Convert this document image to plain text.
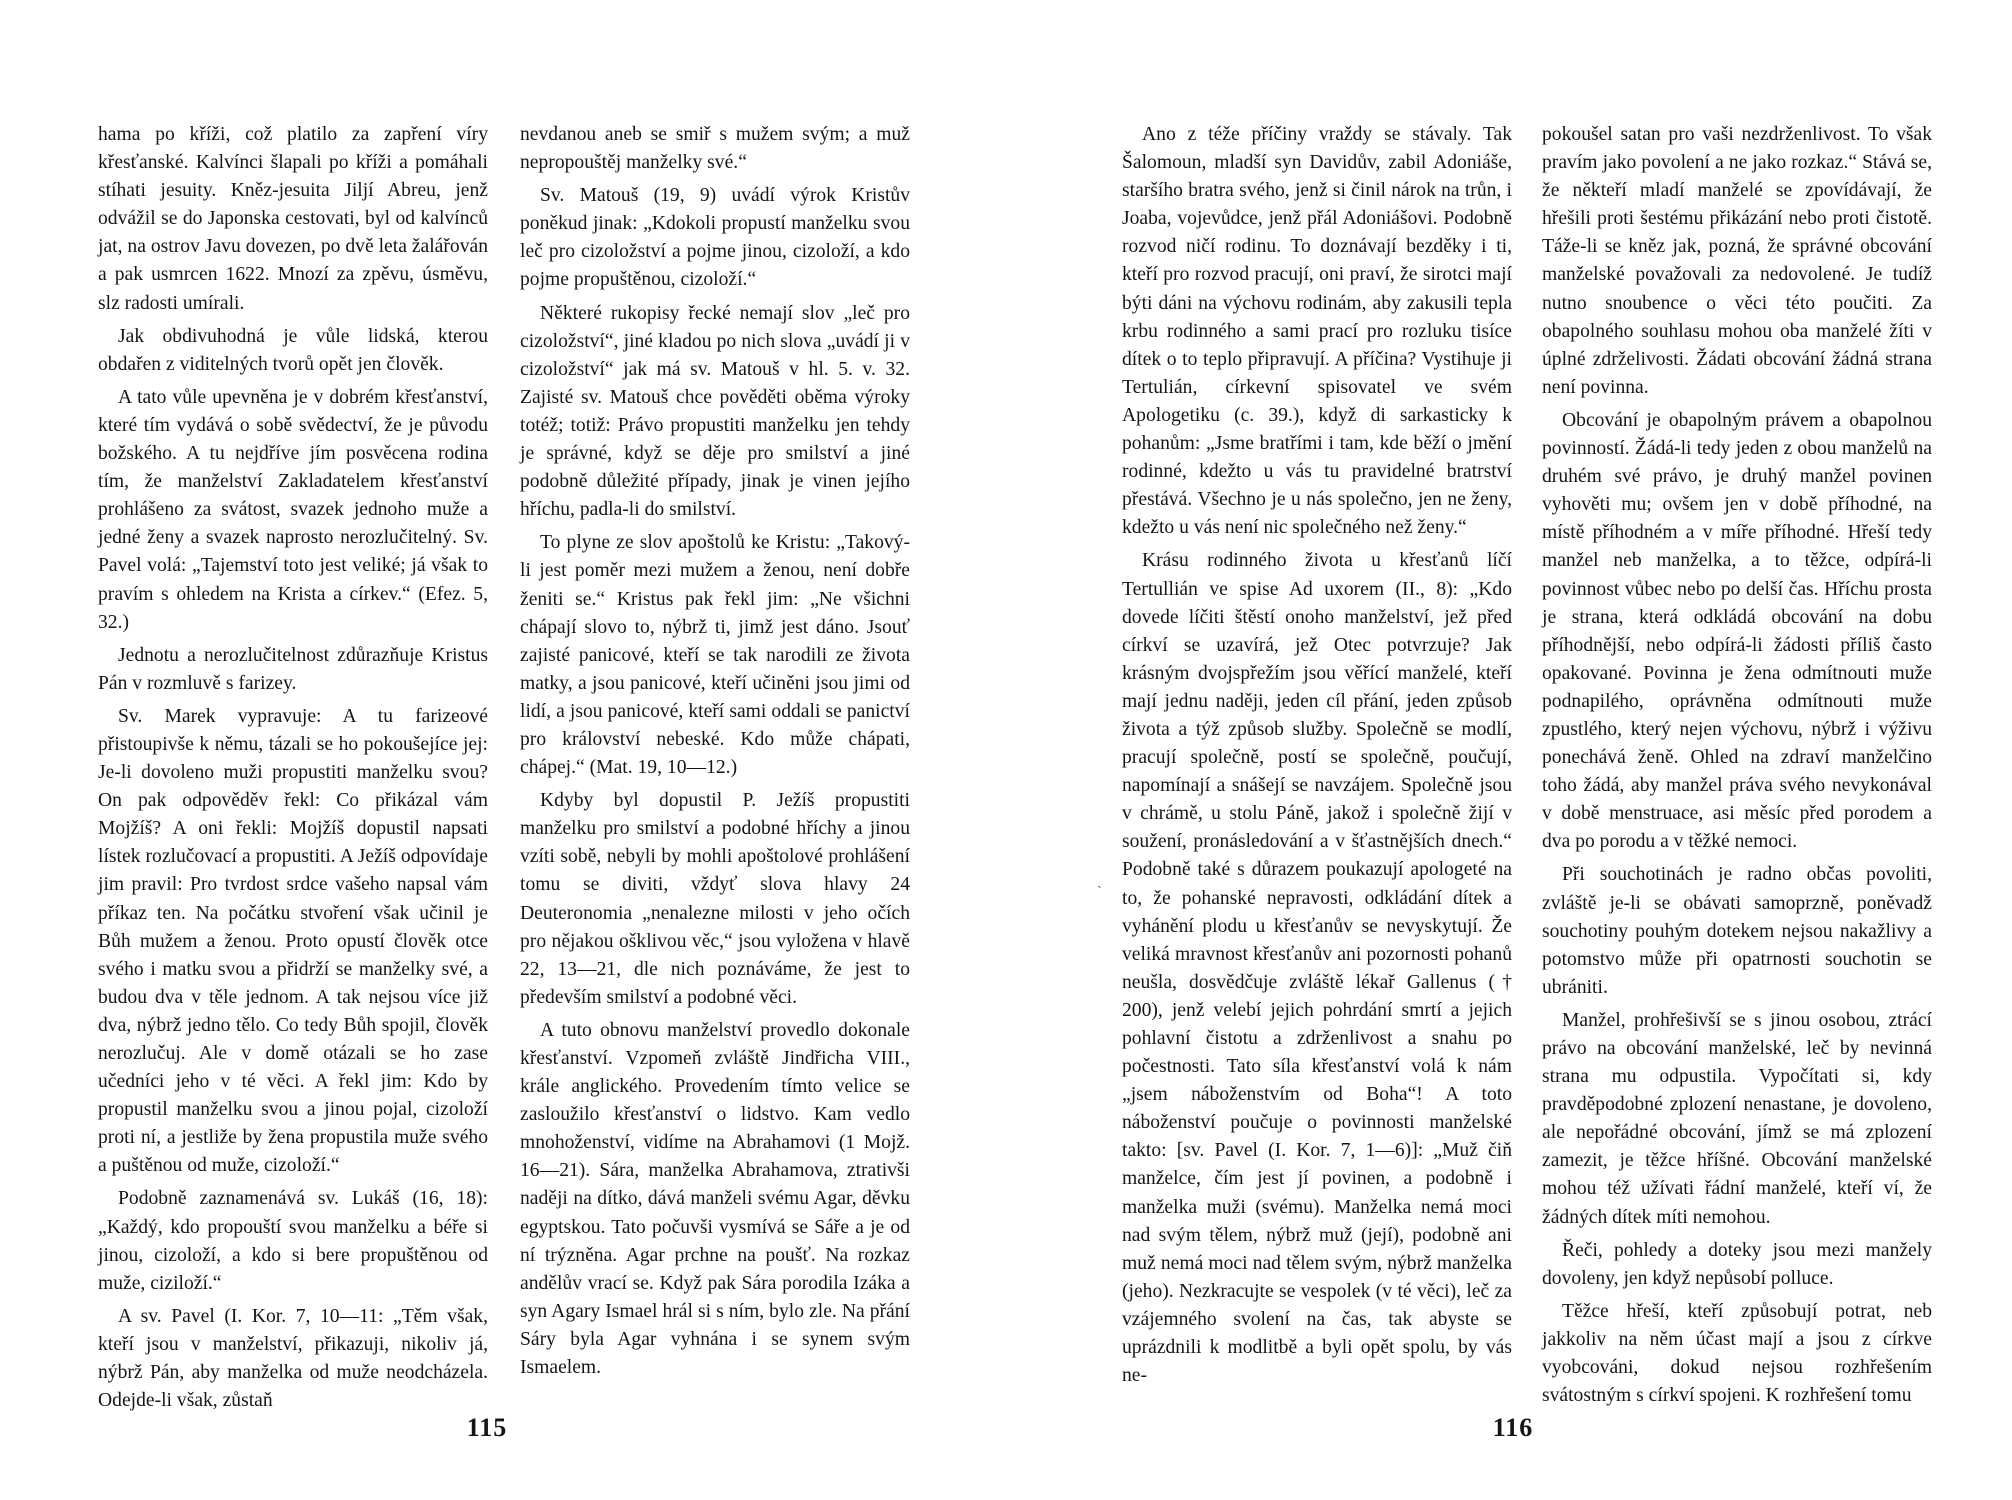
hama po kříži, což platilo za zapření víry křesťanské. Kalvínci šlapali po kříži a pomáhali stíhati jesuity. Kněz-jesuita Jiljí Abreu, jenž odvážil se do Japonska cestovati, byl od kalvínců jat, na ostrov Javu dovezen, po dvě leta žalářován a pak usmrcen 1622. Mnozí za zpěvu, úsměvu, slz radosti umírali.

Jak obdivuhodná je vůle lidská, kterou obdařen z viditelných tvorů opět jen člověk.

A tato vůle upevněna je v dobrém křesťanství, které tím vydává o sobě svědectví, že je původu božského. A tu nejdříve jím posvěcena rodina tím, že manželství Zakladatelem křesťanství prohlášeno za svátost, svazek jednoho muže a jedné ženy a svazek naprosto nerozlučitelný. Sv. Pavel volá: „Tajemství toto jest veliké; já však to pravím s ohledem na Krista a církev.“ (Efez. 5, 32.)

Jednotu a nerozlučitelnost zdůrazňuje Kristus Pán v rozmluvě s farizey.

Sv. Marek vypravuje: A tu farizeové přistoupivše k němu, tázali se ho pokoušejíce jej: Je-li dovoleno muži propustiti manželku svou? On pak odpověděv řekl: Co přikázal vám Mojžíš? A oni řekli: Mojžíš dopustil napsati lístek rozlučovací a propustiti. A Ježíš odpovídaje jim pravil: Pro tvrdost srdce vašeho napsal vám příkaz ten. Na počátku stvoření však učinil je Bůh mužem a ženou. Proto opustí člověk otce svého i matku svou a přidrží se manželky své, a budou dva v těle jednom. A tak nejsou více již dva, nýbrž jedno tělo. Co tedy Bůh spojil, člověk nerozlučuj. Ale v domě otázali se ho zase učedníci jeho v té věci. A řekl jim: Kdo by propustil manželku svou a jinou pojal, cizoloží proti ní, a jestliže by žena propustila muže svého a puštěnou od muže, cizoloží.“

Podobně zaznamenává sv. Lukáš (16, 18): „Každý, kdo propouští svou manželku a béře si jinou, cizoloží, a kdo si bere propuštěnou od muže, ciziloží.“

A sv. Pavel (I. Kor. 7, 10—11: „Těm však, kteří jsou v manželství, přikazuji, nikoliv já, nýbrž Pán, aby manželka od muže neodcházela. Odejde-li však, zůstaň

nevdanou aneb se smiř s mužem svým; a muž nepropouštěj manželky své.“

Sv. Matouš (19, 9) uvádí výrok Kristův poněkud jinak: „Kdokoli propustí manželku svou leč pro cizoložství a pojme jinou, cizoloží, a kdo pojme propuštěnou, cizoloží.“

Některé rukopisy řecké nemají slov „leč pro cizoložství“, jiné kladou po nich slova „uvádí ji v cizoložství“ jak má sv. Matouš v hl. 5. v. 32. Zajisté sv. Matouš chce pověděti oběma výroky totéž; totiž: Právo propustiti manželku jen tehdy je správné, když se děje pro smilství a jiné podobně důležité případy, jinak je vinen jejího hříchu, padla-li do smilství.

To plyne ze slov apoštolů ke Kristu: „Takový-li jest poměr mezi mužem a ženou, není dobře ženiti se.“ Kristus pak řekl jim: „Ne všichni chápají slovo to, nýbrž ti, jimž jest dáno. Jsouť zajisté panicové, kteří se tak narodili ze života matky, a jsou panicové, kteří učiněni jsou jimi od lidí, a jsou panicové, kteří sami oddali se panictví pro království nebeské. Kdo může chápati, chápej.“ (Mat. 19, 10—12.)

Kdyby byl dopustil P. Ježíš propustiti manželku pro smilství a podobné hříchy a jinou vzíti sobě, nebyli by mohli apoštolové prohlášení tomu se diviti, vždyť slova hlavy 24 Deuteronomia „nenalezne milosti v jeho očích pro nějakou ošklivou věc,“ jsou vyložena v hlavě 22, 13—21, dle nich poznáváme, že jest to především smilství a podobné věci.

A tuto obnovu manželství provedlo dokonale křesťanství. Vzpomeň zvláště Jindřicha VIII., krále anglického. Provedením tímto velice se zasloužilo křesťanství o lidstvo. Kam vedlo mnohoženství, vidíme na Abrahamovi (1 Mojž. 16—21). Sára, manželka Abrahamova, ztrativši naději na dítko, dává manželi svému Agar, děvku egyptskou. Tato počuvši vysmívá se Sáře a je od ní trýzněna. Agar prchne na poušť. Na rozkaz andělův vrací se. Když pak Sára porodila Izáka a syn Agary Ismael hrál si s ním, bylo zle. Na přání Sáry byla Agar vyhnána i se synem svým Ismaelem.

115

Ano z téže příčiny vraždy se stávaly. Tak Šalomoun, mladší syn Davidův, zabil Adoniáše, staršího bratra svého, jenž si činil nárok na trůn, i Joaba, vojevůdce, jenž přál Adoniášovi. Podobně rozvod ničí rodinu. To doznávají bezděky i ti, kteří pro rozvod pracují, oni praví, že sirotci mají býti dáni na výchovu rodinám, aby zakusili tepla krbu rodinného a sami prací pro rozluku tisíce dítek o to teplo připravují. A příčina? Vystihuje ji Tertulián, církevní spisovatel ve svém Apologetiku (c. 39.), když di sarkasticky k pohanům: „Jsme bratřími i tam, kde běží o jmění rodinné, kdežto u vás tu pravidelné bratrství přestává. Všechno je u nás společno, jen ne ženy, kdežto u vás není nic společného než ženy.“

Krásu rodinného života u křesťanů líčí Tertullián ve spise Ad uxorem (II., 8): „Kdo dovede líčiti štěstí onoho manželství, jež před církví se uzavírá, jež Otec potvrzuje? Jak krásným dvojspřežím jsou věřící manželé, kteří mají jednu naději, jeden cíl přání, jeden způsob života a týž způsob služby. Společně se modlí, pracují společně, postí se společně, poučují, napomínají a snášejí se navzájem. Společně jsou v chrámě, u stolu Páně, jakož i společně žijí v soužení, pronásledování a v šťastnějších dnech.“ Podobně také s důrazem poukazují apologeté na to, že pohanské nepravosti, odkládání dítek a vyhánění plodu u křesťanův se nevyskytují. Že veliká mravnost křesťanův ani pozornosti pohanů neušla, dosvědčuje zvláště lékař Gallenus († 200), jenž velebí jejich pohrdání smrtí a jejich pohlavní čistotu a zdrženlivost a snahu po počestnosti. Tato síla křesťanství volá k nám „jsem náboženstvím od Boha“! A toto náboženství poučuje o povinnosti manželské takto: [sv. Pavel (I. Kor. 7, 1—6)]: „Muž čiň manželce, čím jest jí povinen, a podobně i manželka muži (svému). Manželka nemá moci nad svým tělem, nýbrž muž (její), podobně ani muž nemá moci nad tělem svým, nýbrž manželka (jeho). Nezkracujte se vespolek (v té věci), leč za vzájemného svolení na čas, tak abyste se uprázdnili k modlitbě a byli opět spolu, by vás ne-

pokoušel satan pro vaši nezdrženlivost. To však pravím jako povolení a ne jako rozkaz.“ Stává se, že někteří mladí manželé se zpovídávají, že hřešili proti šestému přikázání nebo proti čistotě. Táže-li se kněz jak, pozná, že správné obcování manželské považovali za nedovolené. Je tudíž nutno snoubence o věci této poučiti. Za obapolného souhlasu mohou oba manželé žíti v úplné zdrželivosti. Žádati obcování žádná strana není povinna.

Obcování je obapolným právem a obapolnou povinností. Žádá-li tedy jeden z obou manželů na druhém své právo, je druhý manžel povinen vyhověti mu; ovšem jen v době příhodné, na místě příhodném a v míře příhodné. Hřeší tedy manžel neb manželka, a to těžce, odpírá-li povinnost vůbec nebo po delší čas. Hříchu prosta je strana, která odkládá obcování na dobu příhodnější, nebo odpírá-li žádosti příliš často opakované. Povinna je žena odmítnouti muže podnapilého, oprávněna odmítnouti muže zpustlého, který nejen výchovu, nýbrž i výživu ponechává ženě. Ohled na zdraví manželčino toho žádá, aby manžel práva svého nevykonával v době menstruace, asi měsíc před porodem a dva po porodu a v těžké nemoci.

Při souchotinách je radno občas povoliti, zvláště je-li se obávati samoprzně, poněvadž souchotiny pouhým dotekem nejsou nakažlivy a potomstvo může při opatrnosti souchotin se ubrániti.

Manžel, prohřešivší se s jinou osobou, ztrácí právo na obcování manželské, leč by nevinná strana mu odpustila. Vypočítati si, kdy pravděpodobné zplození nenastane, je dovoleno, ale nepořádné obcování, jímž se má zplození zamezit, je těžce hříšné. Obcování manželské mohou též užívati řádní manželé, kteří ví, že žádných dítek míti nemohou.

Řeči, pohledy a doteky jsou mezi manžely dovoleny, jen když nepůsobí polluce.

Těžce hřeší, kteří způsobují potrat, neb jakkoliv na něm účast mají a jsou z církve vyobcováni, dokud nejsou rozhřešením svátostným s církví spojeni. K rozhřešení tomu

ˏ
116
